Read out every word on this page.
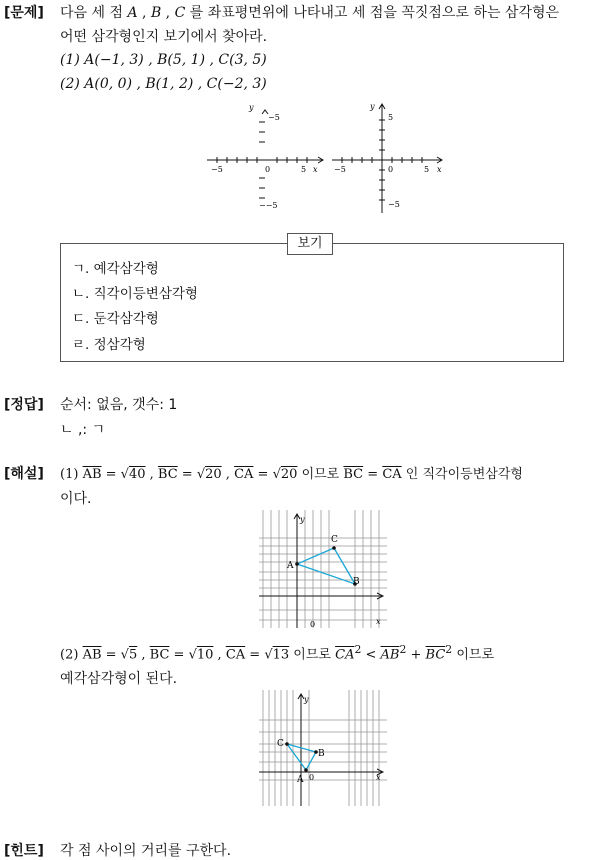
[문제] 다음 세 점 A , B , C 를 좌표평면위에 나타내고 세 점을 꼭짓점으로 하는 삼각형은
어떤 삼각형인지 보기에서 찾아라.
(1) A(−1, 3) , B(5, 1) , C(3, 5)
(2) A(0, 0) , B(1, 2) , C(−2, 3)
y
x
−5
−5	5
0
−−5
y
x
5
−5	0	5
−5
보기
ㄱ. 예각삼각형
ㄴ. 직각이등변삼각형
ㄷ. 둔각삼각형
ㄹ. 정삼각형
[정답] 순서: 없음, 갯수: 1
ㄴ ,: ㄱ
[해설] (1) $\overline{AB} = √40$ , $\overline{BC} = √20$ , $\overline{CA} = √20$ 이므로 $\overline{BC} = \overline{CA}$ 인 직각이등변삼각형
이다.
y
x
A
B
C
0
(2) $\overline{AB} = √5$ , $\overline{BC} = √10$ , $\overline{CA} = √13$ 이므로 $\overline{CA}^2 < \overline{AB}^2 + \overline{BC}^2$ 이므로
예각삼각형이 된다.
y
x
A
B
C
0
[힌트] 각 점 사이의 거리를 구한다.
